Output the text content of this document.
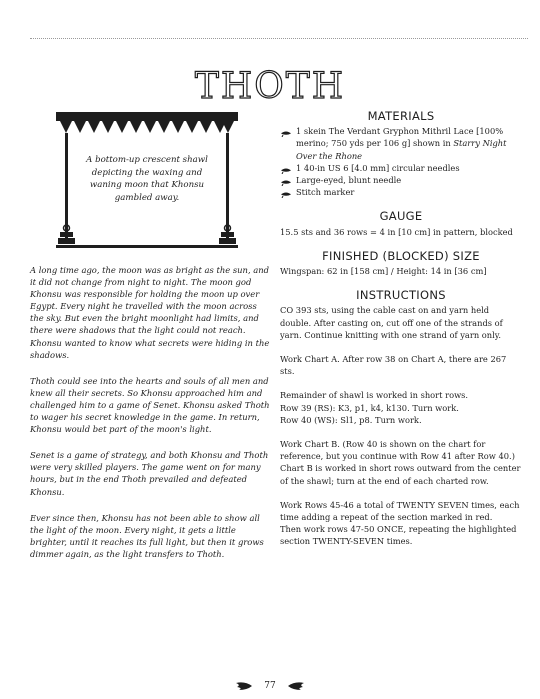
THOTH
A bottom-up crescent shawl depicting the waxing and waning moon that Khonsu gambled away.

A long time ago, the moon was as bright as the sun, and it did not change from night to night. The moon god Khonsu was responsible for holding the moon up over Egypt. Every night he travelled with the moon across the sky. But even the bright moonlight had limits, and there were shadows that the light could not reach. Khonsu wanted to know what secrets were hiding in the shadows.

Thoth could see into the hearts and souls of all men and knew all their secrets. So Khonsu approached him and challenged him to a game of Senet. Khonsu asked Thoth to wager his secret knowledge in the game. In return, Khonsu would bet part of the moon's light.

Senet is a game of strategy, and both Khonsu and Thoth were very skilled players. The game went on for many hours, but in the end Thoth prevailed and defeated Khonsu.

Ever since then, Khonsu has not been able to show all the light of the moon. Every night, it gets a little brighter, until it reaches its full light, but then it grows dimmer again, as the light transfers to Thoth.

MATERIALS
1 skein The Verdant Gryphon Mithril Lace [100% merino; 750 yds per 106 g] shown in Starry Night Over the Rhone
1 40-in US 6 [4.0 mm] circular needles
Large-eyed, blunt needle
Stitch marker
GAUGE

15.5 sts and 36 rows = 4 in [10 cm] in pattern, blocked

FINISHED (BLOCKED) SIZE

Wingspan: 62 in [158 cm] / Height: 14 in [36 cm]

INSTRUCTIONS

CO 393 sts, using the cable cast on and yarn held double. After casting on, cut off one of the strands of yarn. Continue knitting with one strand of yarn only.

Work Chart A. After row 38 on Chart A, there are 267 sts.

Remainder of shawl is worked in short rows.

Row 39 (RS): K3, p1, k4, k130. Turn work.

Row 40 (WS): Sl1, p8. Turn work.

Work Chart B. (Row 40 is shown on the chart for reference, but you continue with Row 41 after Row 40.)

Chart B is worked in short rows outward from the center of the shawl; turn at the end of each charted row.

Work Rows 45-46 a total of TWENTY SEVEN times, each time adding a repeat of the section marked in red.

Then work rows 47-50 ONCE, repeating the highlighted section TWENTY-SEVEN times.

77
